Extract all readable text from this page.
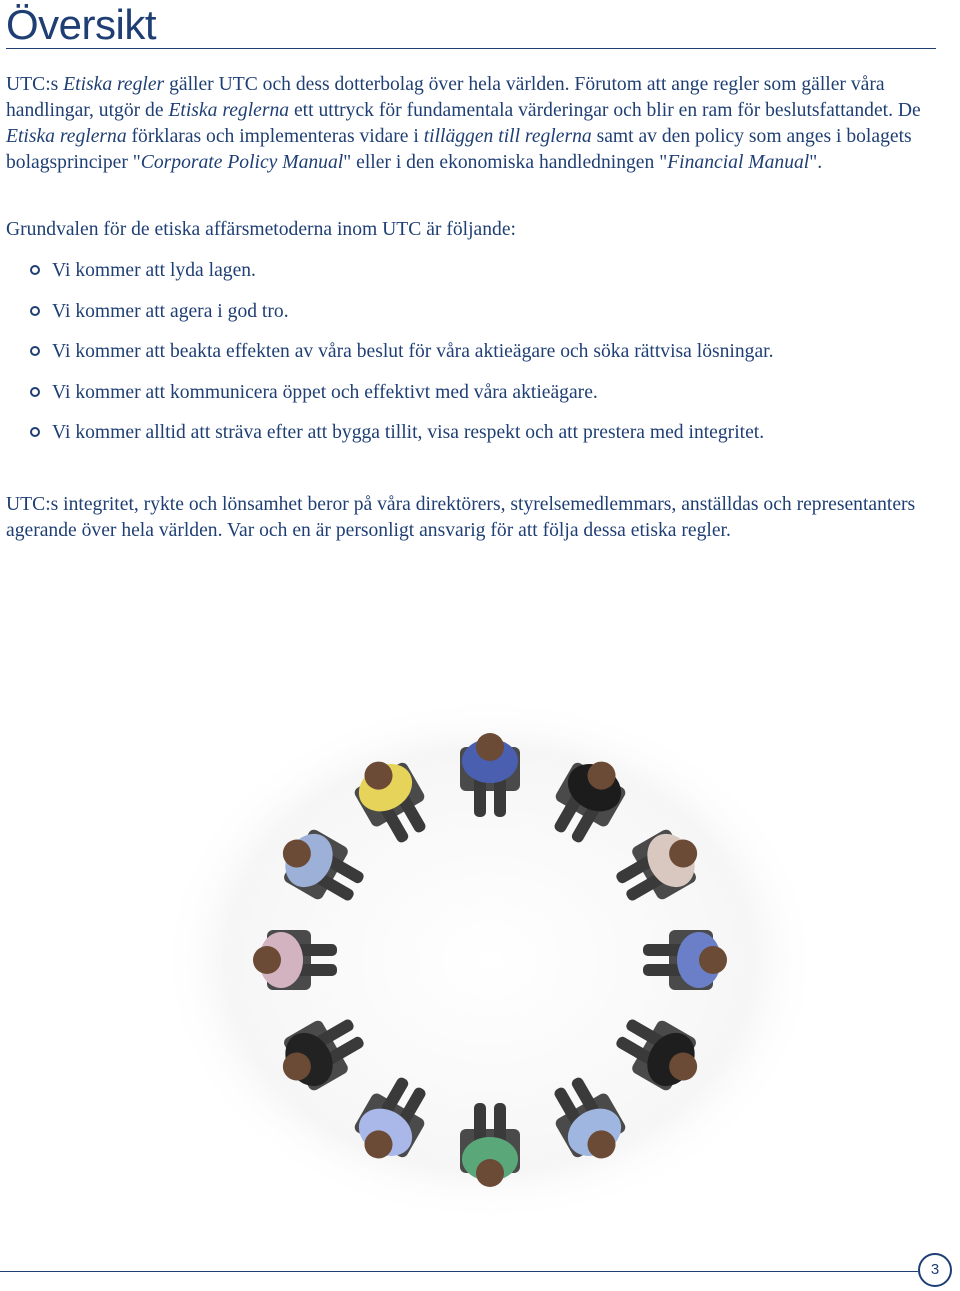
Översikt

UTC:s Etiska regler gäller UTC och dess dotterbolag över hela världen. Förutom att ange regler som gäller våra handlingar, utgör de Etiska reglerna ett uttryck för fundamentala värderingar och blir en ram för beslutsfattandet. De Etiska reglerna förklaras och implementeras vidare i tilläggen till reglerna samt av den policy som anges i bolagets bolagsprinciper "Corporate Policy Manual" eller i den ekonomiska handledningen "Financial Manual".

Grundvalen för de etiska affärsmetoderna inom UTC är följande:

Vi kommer att lyda lagen.
Vi kommer att agera i god tro.
Vi kommer att beakta effekten av våra beslut för våra aktieägare och söka rättvisa lösningar.
Vi kommer att kommunicera öppet och effektivt med våra aktieägare.
Vi kommer alltid att sträva efter att bygga tillit, visa respekt och att prestera med integritet.

UTC:s integritet, rykte och lönsamhet beror på våra direktörers, styrelsemedlemmars, anställdas och representanters agerande över hela världen. Var och en är personligt ansvarig för att följa dessa etiska regler.

3
